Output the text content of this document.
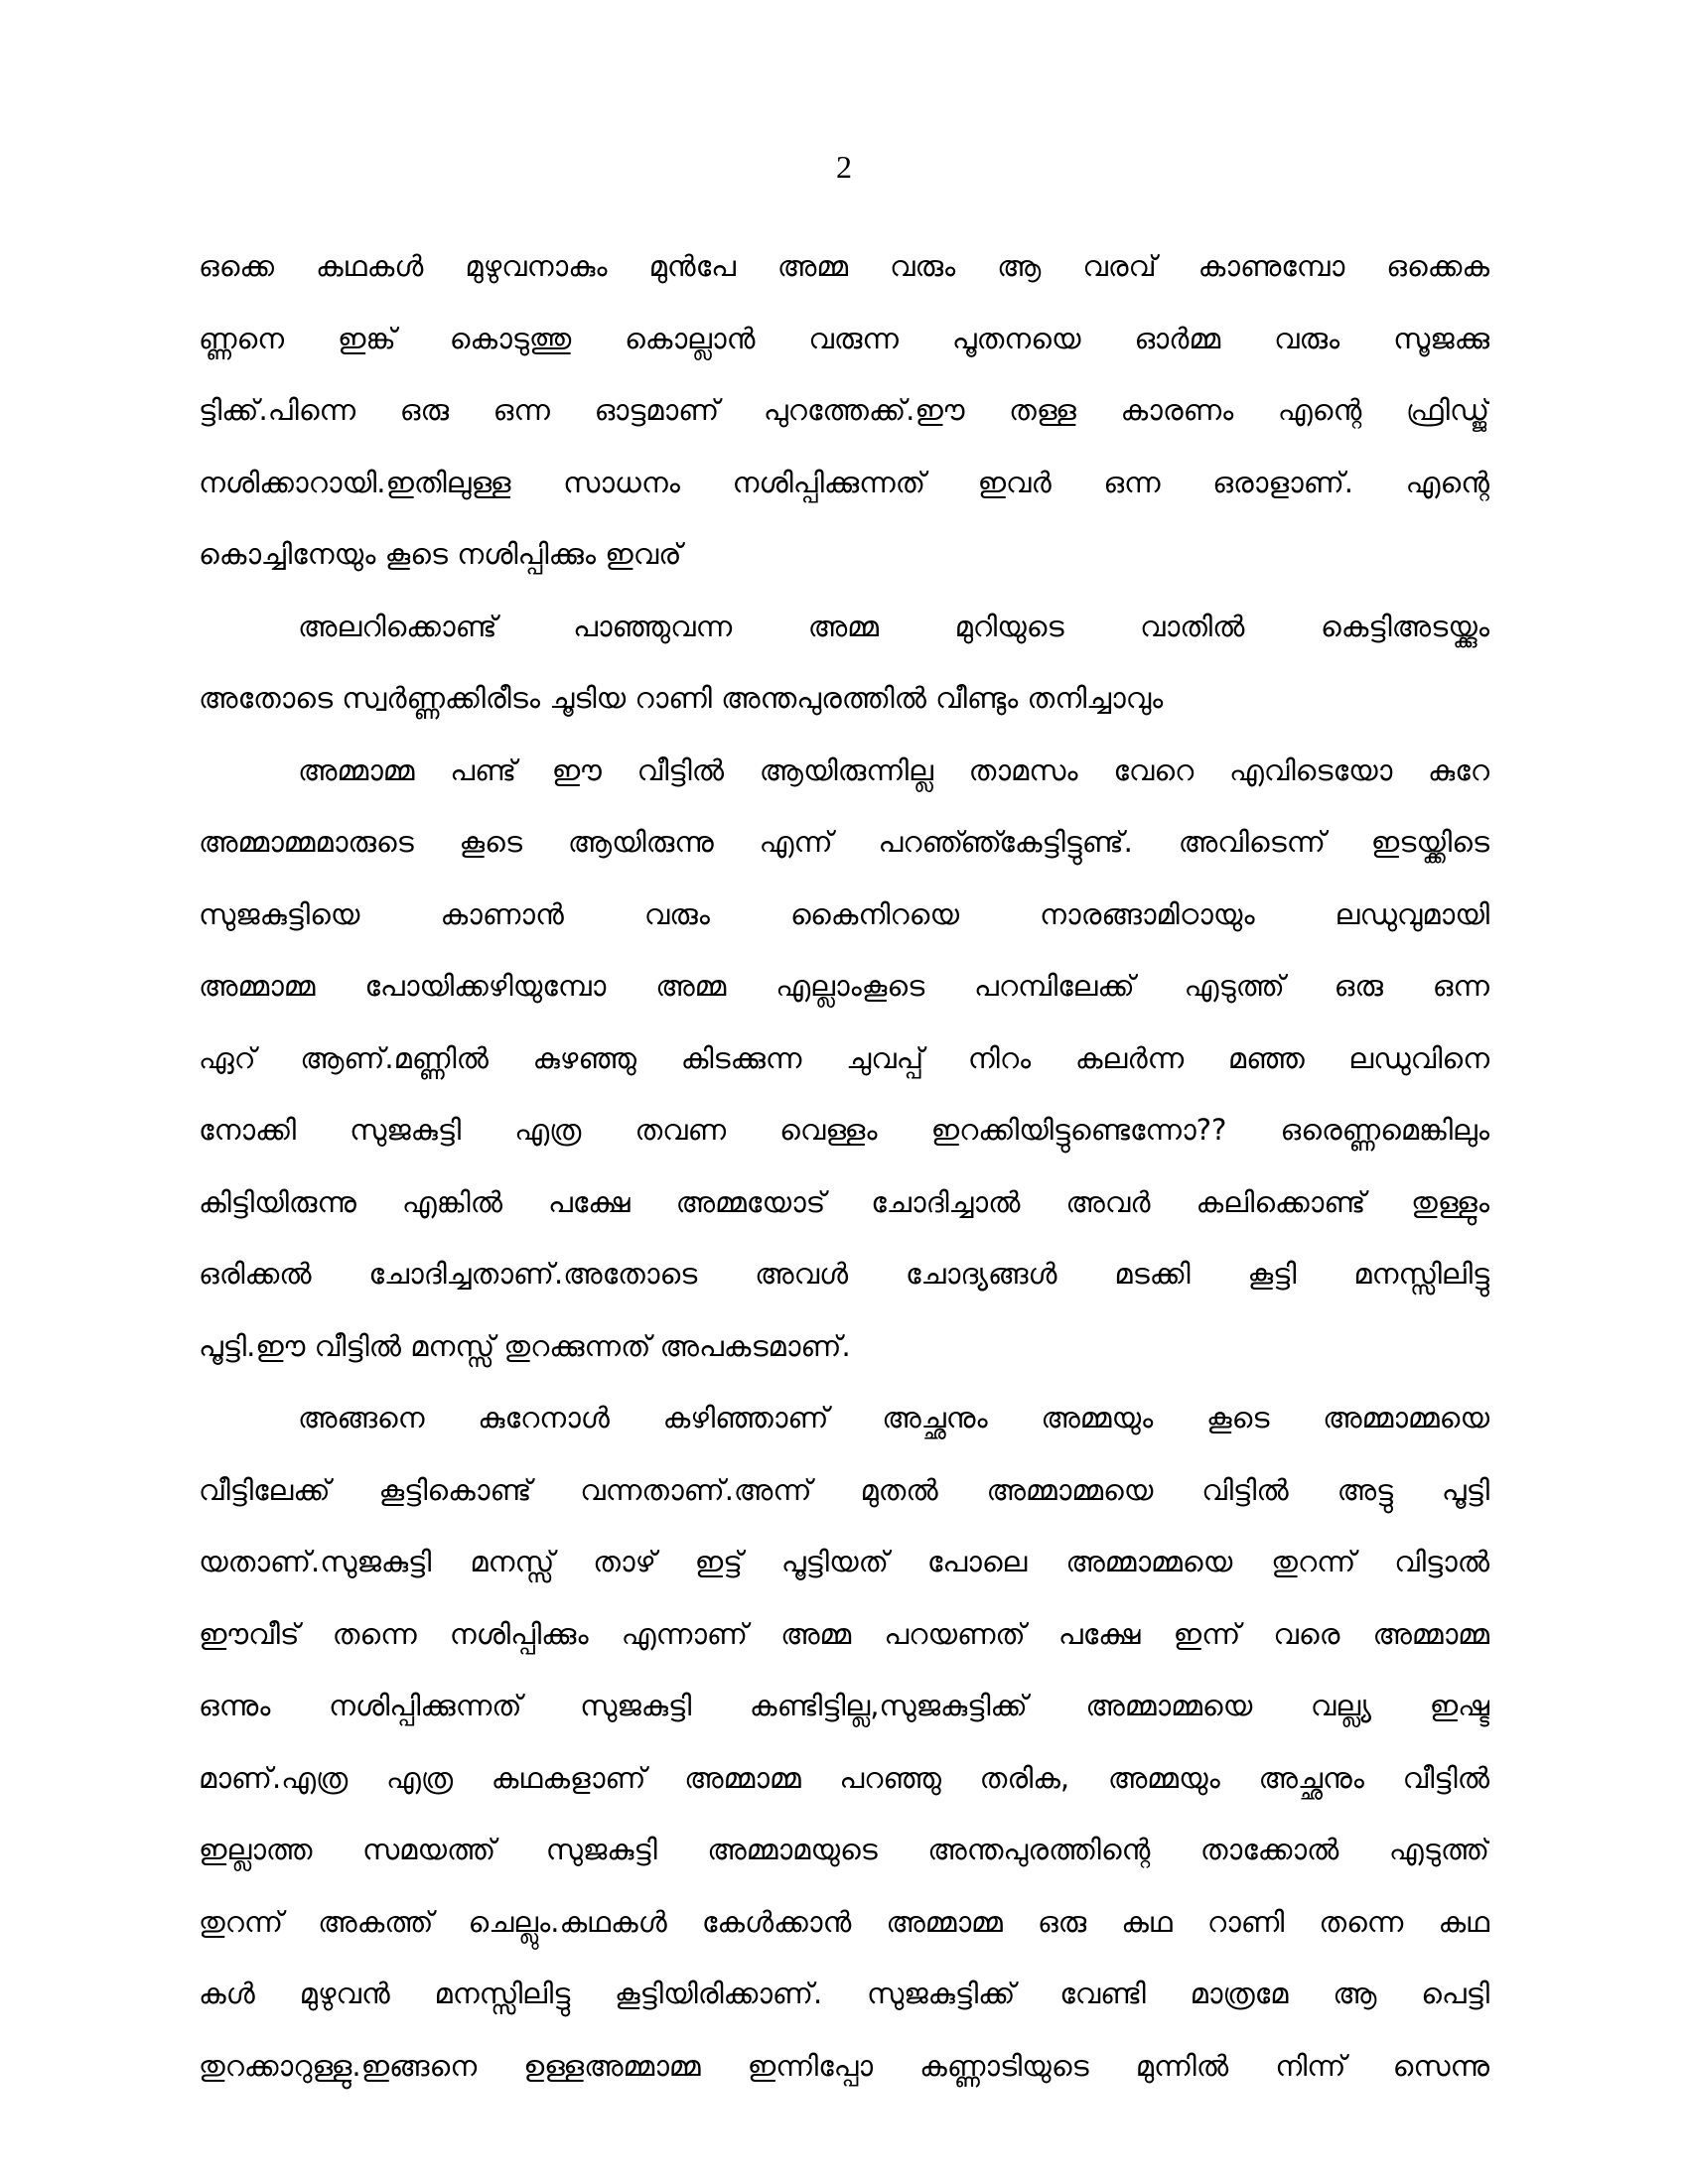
2
ഒക്കെ കഥകൾ മുഴുവനാകും മുൻപേ അമ്മ വരും ആ വരവ് കാണുമ്പോ ഒക്കെക
ണ്ണനെ ഇങ്ക് കൊടുത്തു കൊല്ലാൻ വരുന്ന പൂതനയെ ഓർമ്മ വരും സൂജക്കു
ട്ടിക്ക്.പിന്നെ ഒരു ഒന്ന ഓട്ടമാണ് പുറത്തേക്ക്.ഈ തള്ള കാരണം എന്റെ ഫ്രിഡ്ജ്
നശിക്കാറായി.ഇതിലുള്ള സാധനം നശിപ്പിക്കുന്നത് ഇവർ ഒന്ന ഒരാളാണ്. എന്റെ
കൊച്ചിനേയും കൂടെ നശിപ്പിക്കും ഇവര്
അലറിക്കൊണ്ട് പാഞ്ഞുവന്ന അമ്മ മുറിയുടെ വാതിൽ കെട്ടിഅടയ്ക്കും
അതോടെ സ്വർണ്ണക്കിരീടം ചൂടിയ റാണി അന്തപുരത്തിൽ വീണ്ടും തനിച്ചാവും
അമ്മാമ്മ പണ്ട് ഈ വീട്ടിൽ ആയിരുന്നില്ല താമസം വേറെ എവിടെയോ കുറേ
അമ്മാമ്മമാരുടെ കൂടെ ആയിരുന്നു എന്ന് പറഞ്ഞ്കേട്ടിട്ടുണ്ട്. അവിടെന്ന് ഇടയ്ക്കിടെ
സുജകുട്ടിയെ കാണാൻ വരും കൈനിറയെ നാരങ്ങാമിഠായും ലഡുവുമായി
അമ്മാമ്മ പോയിക്കഴിയുമ്പോ അമ്മ എല്ലാംകൂടെ പറമ്പിലേക്ക് എടുത്ത് ഒരു ഒന്ന
ഏറ് ആണ്.മണ്ണിൽ കുഴഞ്ഞു കിടക്കുന്ന ചുവപ്പ് നിറം കലർന്ന മഞ്ഞ ലഡുവിനെ
നോക്കി സുജകുട്ടി എത്ര തവണ വെള്ളം ഇറക്കിയിട്ടുണ്ടെന്നോ?? ഒരെണ്ണമെങ്കിലും
കിട്ടിയിരുന്നു എങ്കിൽ പക്ഷേ അമ്മയോട് ചോദിച്ചാൽ അവർ കലിക്കൊണ്ട് തുള്ളും
ഒരിക്കൽ ചോദിച്ചതാണ്.അതോടെ അവൾ ചോദ്യങ്ങൾ മടക്കി കൂട്ടി മനസ്സിലിട്ടു
പൂട്ടി.ഈ വീട്ടിൽ മനസ്സ് തുറക്കുന്നത് അപകടമാണ്.
അങ്ങനെ കുറേനാൾ കഴിഞ്ഞാണ് അച്ഛനും അമ്മയും കൂടെ അമ്മാമ്മയെ
വീട്ടിലേക്ക് കൂട്ടികൊണ്ട് വന്നതാണ്.അന്ന് മുതൽ അമ്മാമ്മയെ വിട്ടിൽ അട്ടു പൂട്ടി
യതാണ്.സുജകുട്ടി മനസ്സ് താഴ് ഇട്ട് പൂട്ടിയത് പോലെ അമ്മാമ്മയെ തുറന്ന് വിട്ടാൽ
ഈവീട് തന്നെ നശിപ്പിക്കും എന്നാണ് അമ്മ പറയണത് പക്ഷേ ഇന്ന് വരെ അമ്മാമ്മ
ഒന്നും നശിപ്പിക്കുന്നത് സുജകുട്ടി കണ്ടിട്ടില്ല,സുജകുട്ടിക്ക് അമ്മാമ്മയെ വല്ല്യ ഇഷ്ട
മാണ്.എത്ര എത്ര കഥകളാണ് അമ്മാമ്മ പറഞ്ഞു തരിക, അമ്മയും അച്ഛനും വീട്ടിൽ
ഇല്ലാത്ത സമയത്ത് സുജകുട്ടി അമ്മാമയുടെ അന്തപുരത്തിന്റെ താക്കോൽ എടുത്ത്
തുറന്ന് അകത്ത് ചെല്ലും.കഥകൾ കേൾക്കാൻ അമ്മാമ്മ ഒരു കഥ റാണി തന്നെ കഥ
കൾ മുഴുവൻ മനസ്സിലിട്ടു കൂട്ടിയിരിക്കാണ്. സുജകുട്ടിക്ക് വേണ്ടി മാത്രമേ ആ പെട്ടി
തുറക്കാറുള്ളു.ഇങ്ങനെ ഉള്ളഅമ്മാമ്മ ഇന്നിപ്പോ കണ്ണാടിയുടെ മുന്നിൽ നിന്ന് സെന്നു
